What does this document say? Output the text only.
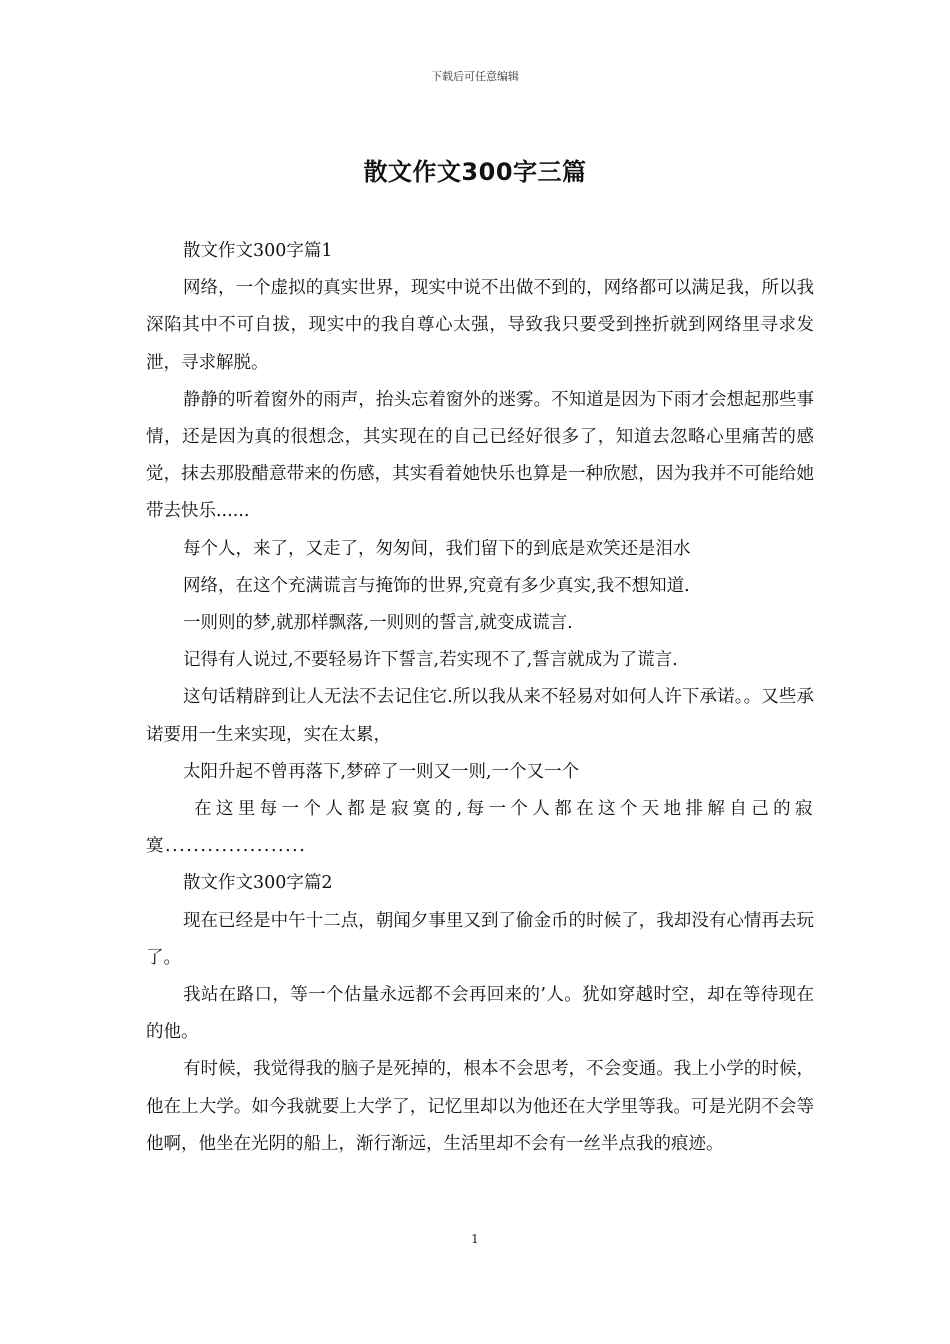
下载后可任意编辑
散文作文300字三篇

散文作文300字篇1

网络，一个虚拟的真实世界，现实中说不出做不到的，网络都可以满足我，所以我深陷其中不可自拔，现实中的我自尊心太强，导致我只要受到挫折就到网络里寻求发泄，寻求解脱。

静静的听着窗外的雨声，抬头忘着窗外的迷雾。不知道是因为下雨才会想起那些事情，还是因为真的很想念，其实现在的自己已经好很多了，知道去忽略心里痛苦的感觉，抹去那股醋意带来的伤感，其实看着她快乐也算是一种欣慰，因为我并不可能给她带去快乐......

每个人，来了，又走了，匆匆间，我们留下的到底是欢笑还是泪水

网络，在这个充满谎言与掩饰的世界,究竟有多少真实,我不想知道.

一则则的梦,就那样飘落,一则则的誓言,就变成谎言.

记得有人说过,不要轻易许下誓言,若实现不了,誓言就成为了谎言.

这句话精辟到让人无法不去记住它.所以我从来不轻易对如何人许下承诺。。又些承诺要用一生来实现，实在太累，

太阳升起不曾再落下,梦碎了一则又一则,一个又一个

在这里每一个人都是寂寞的,每一个人都在这个天地排解自己的寂寞....................

散文作文300字篇2

现在已经是中午十二点，朝闻夕事里又到了偷金币的时候了，我却没有心情再去玩了。

我站在路口，等一个估量永远都不会再回来的’人。犹如穿越时空，却在等待现在的他。

有时候，我觉得我的脑子是死掉的，根本不会思考，不会变通。我上小学的时候，他在上大学。如今我就要上大学了，记忆里却以为他还在大学里等我。可是光阴不会等他啊，他坐在光阴的船上，渐行渐远，生活里却不会有一丝半点我的痕迹。

1
